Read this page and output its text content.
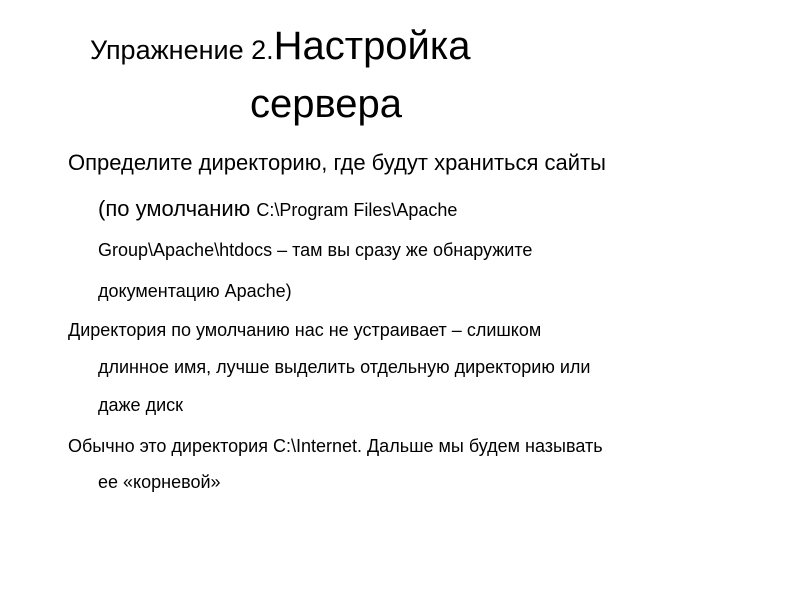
Упражнение 2.Настройка
сервера
Определите директорию, где будут храниться сайты
(по умолчанию C:\Program Files\Apache
Group\Apache\htdocs – там вы сразу же обнаружите
документацию Apache)
Директория по умолчанию нас не устраивает – слишком
длинное имя, лучше выделить отдельную директорию или
даже диск
Обычно это директория C:\Internet. Дальше мы будем называть
ее «корневой»
